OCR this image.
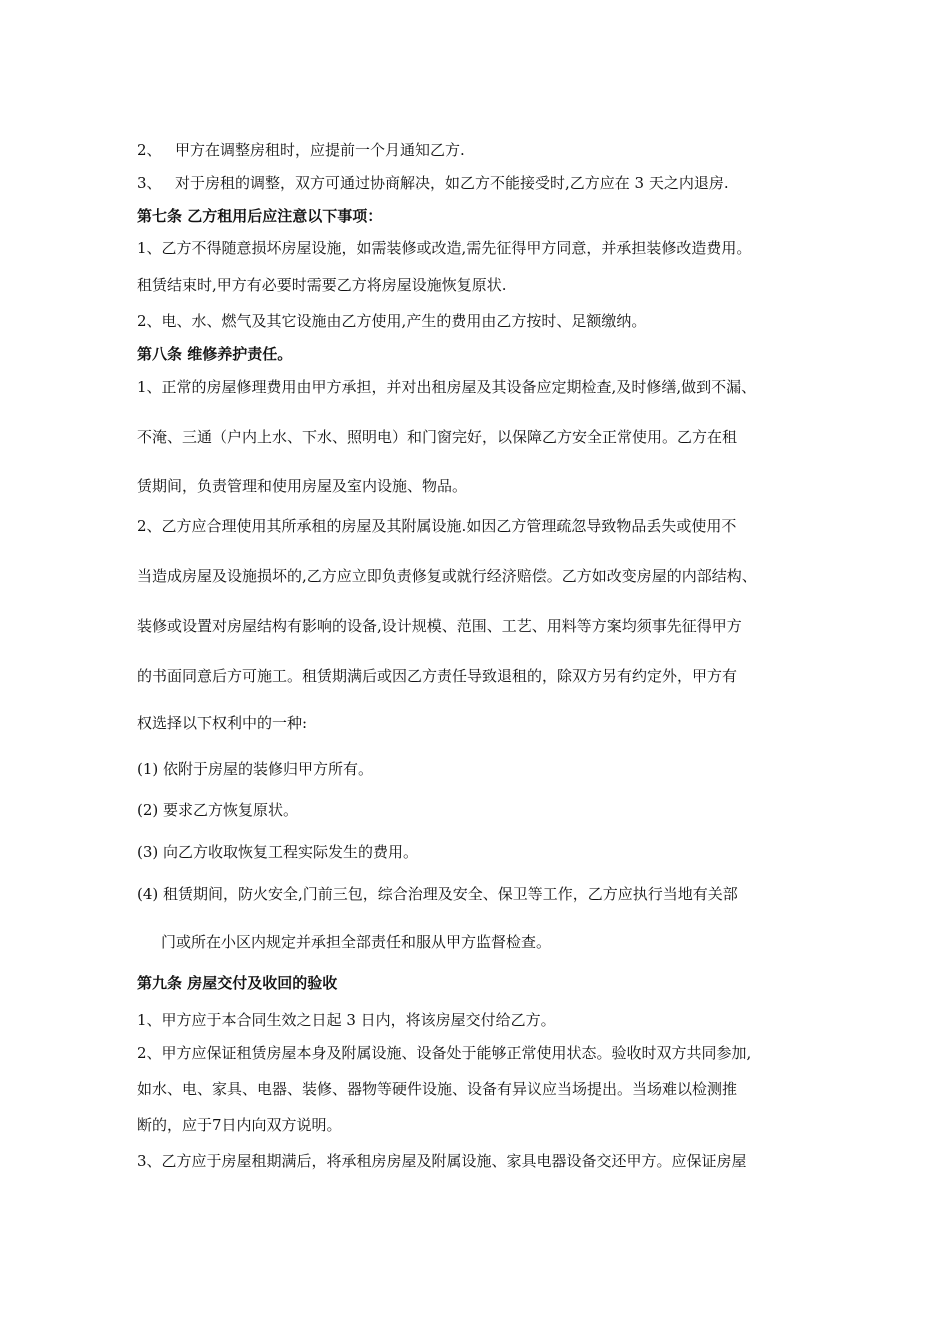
2、 甲方在调整房租时，应提前一个月通知乙方.
3、 对于房租的调整，双方可通过协商解决，如乙方不能接受时,乙方应在 3 天之内退房.
第七条 乙方租用后应注意以下事项：
1、乙方不得随意损坏房屋设施，如需装修或改造,需先征得甲方同意，并承担装修改造费用。
租赁结束时,甲方有必要时需要乙方将房屋设施恢复原状.
2、电、水、燃气及其它设施由乙方使用,产生的费用由乙方按时、足额缴纳。
第八条 维修养护责任。
1、正常的房屋修理费用由甲方承担，并对出租房屋及其设备应定期检查,及时修缮,做到不漏、
不淹、三通（户内上水、下水、照明电）和门窗完好，以保障乙方安全正常使用。乙方在租
赁期间，负责管理和使用房屋及室内设施、物品。
2、乙方应合理使用其所承租的房屋及其附属设施.如因乙方管理疏忽导致物品丢失或使用不
当造成房屋及设施损坏的,乙方应立即负责修复或就行经济赔偿。乙方如改变房屋的内部结构、
装修或设置对房屋结构有影响的设备,设计规模、范围、工艺、用料等方案均须事先征得甲方
的书面同意后方可施工。租赁期满后或因乙方责任导致退租的，除双方另有约定外，甲方有
权选择以下权利中的一种:
(1) 依附于房屋的装修归甲方所有。
(2) 要求乙方恢复原状。
(3) 向乙方收取恢复工程实际发生的费用。
(4) 租赁期间，防火安全,门前三包，综合治理及安全、保卫等工作，乙方应执行当地有关部
门或所在小区内规定并承担全部责任和服从甲方监督检查。
第九条 房屋交付及收回的验收
1、甲方应于本合同生效之日起 3 日内，将该房屋交付给乙方。
2、甲方应保证租赁房屋本身及附属设施、设备处于能够正常使用状态。验收时双方共同参加,
如水、电、家具、电器、装修、器物等硬件设施、设备有异议应当场提出。当场难以检测推
断的，应于7日内向双方说明。
3、乙方应于房屋租期满后，将承租房房屋及附属设施、家具电器设备交还甲方。应保证房屋
